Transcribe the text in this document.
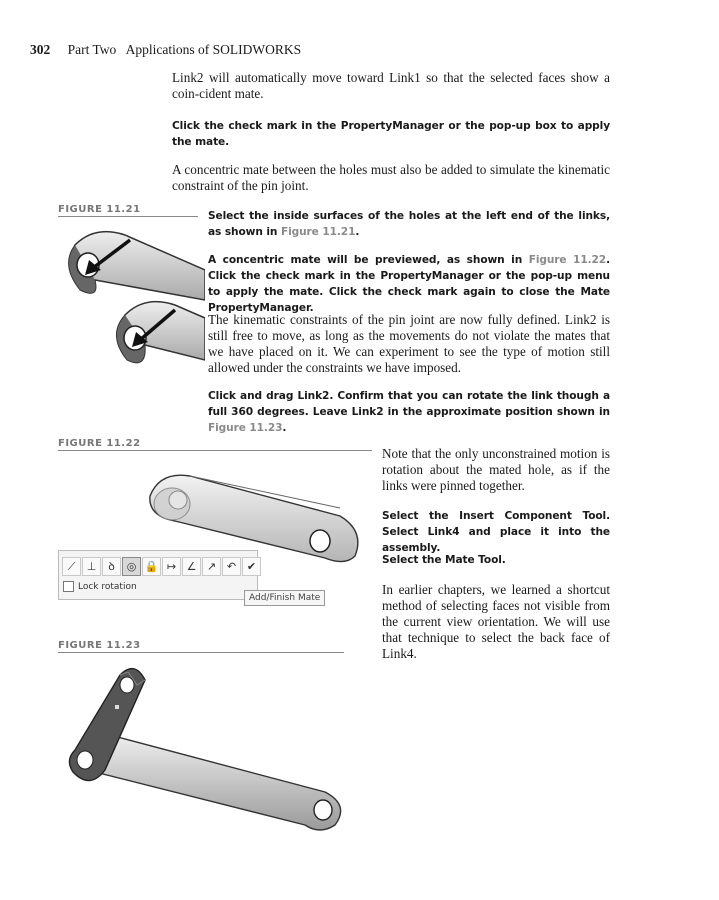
302 Part Two   Applications of SOLIDWORKS
Link2 will automatically move toward Link1 so that the selected faces show a coin-cident mate.
Click the check mark in the PropertyManager or the pop-up box to apply the mate.
A concentric mate between the holes must also be added to simulate the kinematic constraint of the pin joint.
FIGURE 11.21
Select the inside surfaces of the holes at the left end of the links, as shown in Figure 11.21.
A concentric mate will be previewed, as shown in Figure 11.22. Click the check mark in the PropertyManager or the pop-up menu to apply the mate. Click the check mark again to close the Mate PropertyManager.
The kinematic constraints of the pin joint are now fully defined. Link2 is still free to move, as long as the movements do not violate the mates that we have placed on it. We can experiment to see the type of motion still allowed under the constraints we have imposed.
Click and drag Link2. Confirm that you can rotate the link though a full 360 degrees. Leave Link2 in the approximate position shown in Figure 11.23.
FIGURE 11.22
⟋	⊥	ꝺ	◎ 🔒 ↦ ∠ ↗ ↶ ✔
Lock rotation
Add/Finish Mate
Note that the only unconstrained motion is rotation about the mated hole, as if the links were pinned together.
Select the Insert Component Tool. Select Link4 and place it into the assembly.
Select the Mate Tool.
In earlier chapters, we learned a shortcut method of selecting faces not visible from the current view orientation. We will use that technique to select the back face of Link4.
FIGURE 11.23
